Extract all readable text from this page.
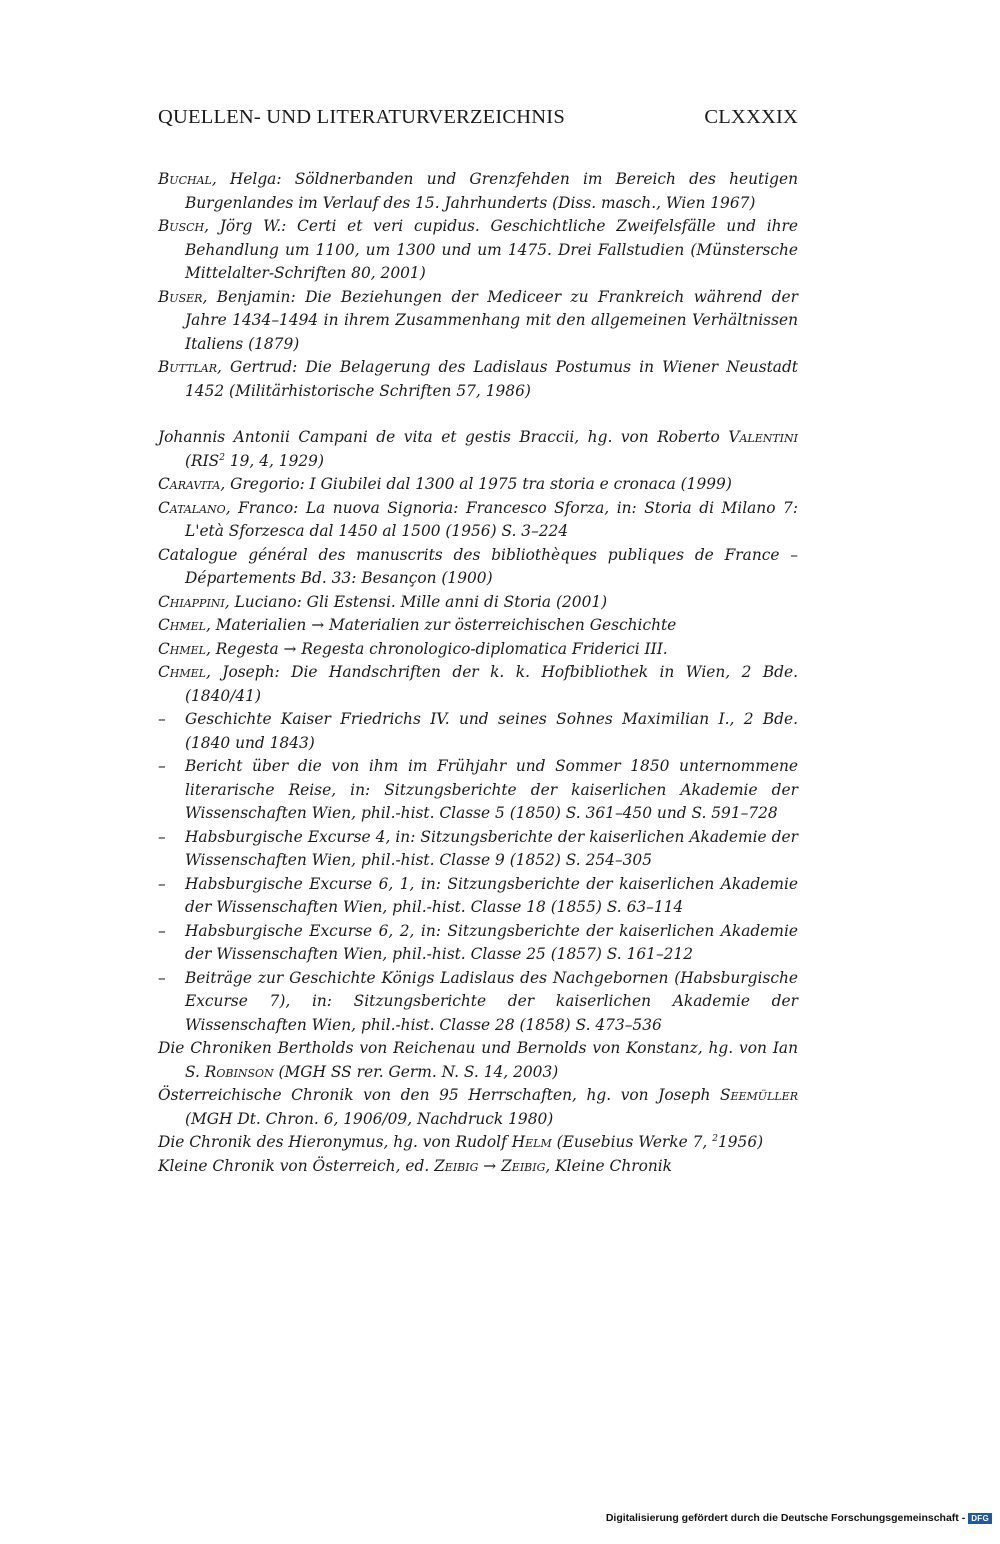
QUELLEN- UND LITERATURVERZEICHNIS	CLXXXIX

Buchal, Helga: Söldnerbanden und Grenzfehden im Bereich des heutigen Burgenlandes im Verlauf des 15. Jahrhunderts (Diss. masch., Wien 1967)

Busch, Jörg W.: Certi et veri cupidus. Geschichtliche Zweifelsfälle und ihre Behandlung um 1100, um 1300 und um 1475. Drei Fallstudien (Münstersche Mittelalter-Schriften 80, 2001)

Buser, Benjamin: Die Beziehungen der Mediceer zu Frankreich während der Jahre 1434–1494 in ihrem Zusammenhang mit den allgemeinen Verhältnissen Italiens (1879)

Buttlar, Gertrud: Die Belagerung des Ladislaus Postumus in Wiener Neustadt 1452 (Militärhistorische Schriften 57, 1986)

Johannis Antonii Campani de vita et gestis Braccii, hg. von Roberto Valentini (RIS$^2$ 19, 4, 1929)

Caravita, Gregorio: I Giubilei dal 1300 al 1975 tra storia e cronaca (1999)

Catalano, Franco: La nuova Signoria: Francesco Sforza, in: Storia di Milano 7: L'età Sforzesca dal 1450 al 1500 (1956) S. 3–224

Catalogue général des manuscrits des bibliothèques publiques de France – Départements Bd. 33: Besançon (1900)

Chiappini, Luciano: Gli Estensi. Mille anni di Storia (2001)

Chmel, Materialien → Materialien zur österreichischen Geschichte

Chmel, Regesta → Regesta chronologico-diplomatica Friderici III.

Chmel, Joseph: Die Handschriften der k. k. Hofbibliothek in Wien, 2 Bde. (1840/41)

– Geschichte Kaiser Friedrichs IV. und seines Sohnes Maximilian I., 2 Bde. (1840 und 1843)

– Bericht über die von ihm im Frühjahr und Sommer 1850 unternommene literarische Reise, in: Sitzungsberichte der kaiserlichen Akademie der Wissenschaften Wien, phil.-hist. Classe 5 (1850) S. 361–450 und S. 591–728

– Habsburgische Excurse 4, in: Sitzungsberichte der kaiserlichen Akademie der Wissenschaften Wien, phil.-hist. Classe 9 (1852) S. 254–305

– Habsburgische Excurse 6, 1, in: Sitzungsberichte der kaiserlichen Akademie der Wissenschaften Wien, phil.-hist. Classe 18 (1855) S. 63–114

– Habsburgische Excurse 6, 2, in: Sitzungsberichte der kaiserlichen Akademie der Wissenschaften Wien, phil.-hist. Classe 25 (1857) S. 161–212

– Beiträge zur Geschichte Königs Ladislaus des Nachgebornen (Habsburgische Excurse 7), in: Sitzungsberichte der kaiserlichen Akademie der Wissenschaften Wien, phil.-hist. Classe 28 (1858) S. 473–536

Die Chroniken Bertholds von Reichenau und Bernolds von Konstanz, hg. von Ian S. Robinson (MGH SS rer. Germ. N. S. 14, 2003)

Österreichische Chronik von den 95 Herrschaften, hg. von Joseph Seemüller (MGH Dt. Chron. 6, 1906/09, Nachdruck 1980)

Die Chronik des Hieronymus, hg. von Rudolf Helm (Eusebius Werke 7, $^2$1956)

Kleine Chronik von Österreich, ed. Zeibig → Zeibig, Kleine Chronik

Digitalisierung gefördert durch die Deutsche Forschungsgemeinschaft - DFG
